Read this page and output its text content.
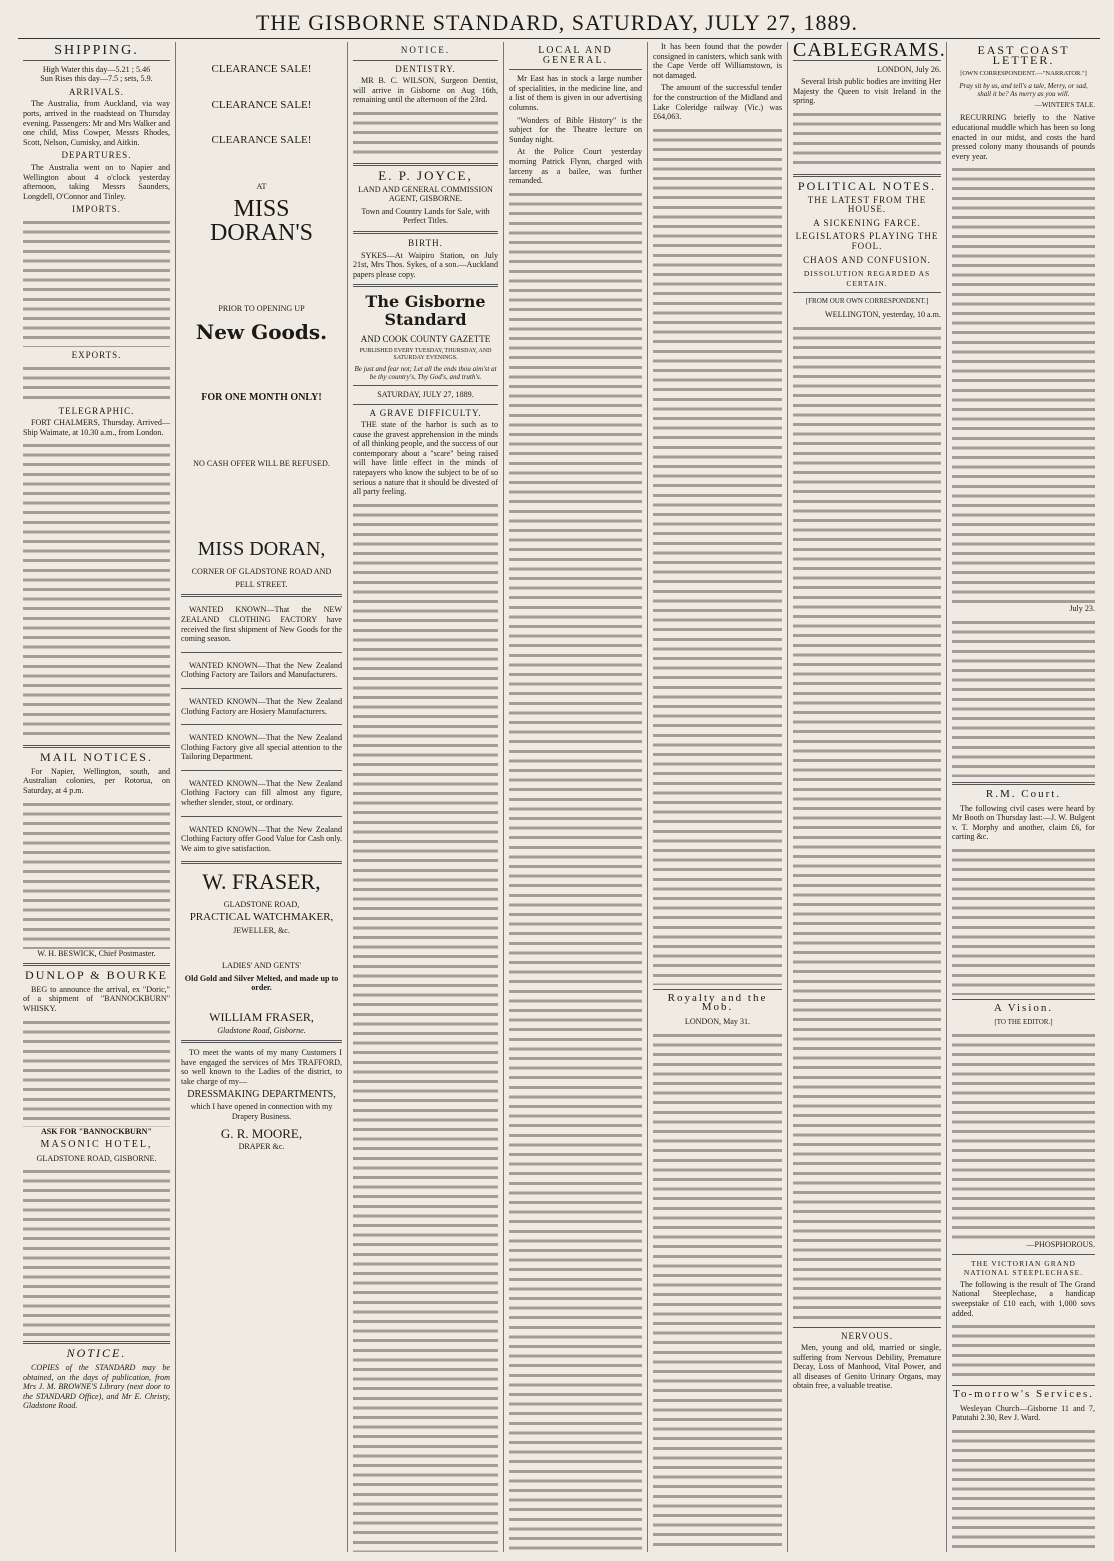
THE GISBORNE STANDARD, SATURDAY, JULY 27, 1889.
SHIPPING.

High Water this day—5.21 ; 5.46
Sun Rises this day—7.5 ; sets, 5.9.

ARRIVALS.

The Australia, from Auckland, via way ports, arrived in the roadstead on Thursday evening. Passengers: Mr and Mrs Walker and one child, Miss Cowper, Messrs Rhodes, Scott, Nelson, Cumisky, and Aitkin.

DEPARTURES.

The Australia went on to Napier and Wellington about 4 o'clock yesterday afternoon, taking Messrs Saunders, Longdell, O'Connor and Tinley.

IMPORTS.
EXPORTS.
TELEGRAPHIC.

FORT CHALMERS, Thursday. Arrived—Ship Waimate, at 10.30 a.m., from London.

MAIL NOTICES.

For Napier, Wellington, south, and Australian colonies, per Rotorua, on Saturday, at 4 p.m.

W. H. BESWICK, Chief Postmaster.

DUNLOP & BOURKE

BEG to announce the arrival, ex "Doric," of a shipment of "BANNOCKBURN" WHISKY.

ASK FOR "BANNOCKBURN"

MASONIC HOTEL,

GLADSTONE ROAD, GISBORNE.

NOTICE.

COPIES of the STANDARD may be obtained, on the days of publication, from Mrs J. M. BROWNE'S Library (next door to the STANDARD Office), and Mr E. Christy, Gladstone Road.

CLEARANCE SALE!
CLEARANCE SALE!
CLEARANCE SALE!
AT
MISS DORAN'S
PRIOR TO OPENING UP
New Goods.
FOR ONE MONTH ONLY!
NO CASH OFFER WILL BE REFUSED.
MISS DORAN,
CORNER OF GLADSTONE ROAD AND
PELL STREET.

WANTED KNOWN—That the NEW ZEALAND CLOTHING FACTORY have received the first shipment of New Goods for the coming season.

WANTED KNOWN—That the New Zealand Clothing Factory are Tailors and Manufacturers.

WANTED KNOWN—That the New Zealand Clothing Factory are Hosiery Manufacturers.

WANTED KNOWN—That the New Zealand Clothing Factory give all special attention to the Tailoring Department.

WANTED KNOWN—That the New Zealand Clothing Factory can fill almost any figure, whether slender, stout, or ordinary.

WANTED KNOWN—That the New Zealand Clothing Factory offer Good Value for Cash only. We aim to give satisfaction.

W. FRASER,
GLADSTONE ROAD,
PRACTICAL WATCHMAKER,
JEWELLER, &c.
LADIES' AND GENTS'
Old Gold and Silver Melted, and made up to order.
WILLIAM FRASER,
Gladstone Road, Gisborne.

TO meet the wants of my many Customers I have engaged the services of Mrs TRAFFORD, so well known to the Ladies of the district, to take charge of my—

DRESSMAKING DEPARTMENTS,
which I have opened in connection with my Drapery Business.
G. R. MOORE,
DRAPER &c.
NOTICE.
DENTISTRY.

MR B. C. WILSON, Surgeon Dentist, will arrive in Gisborne on Aug 16th, remaining until the afternoon of the 23rd.

E. P. JOYCE,

LAND AND GENERAL COMMISSION AGENT, GISBORNE.

Town and Country Lands for Sale, with Perfect Titles.

BIRTH.

SYKES—At Waipiro Station, on July 21st, Mrs Thos. Sykes, of a son.—Auckland papers please copy.

The Gisborne Standard

AND COOK COUNTY GAZETTE

PUBLISHED EVERY TUESDAY, THURSDAY, AND SATURDAY EVENINGS.

Be just and fear not; Let all the ends thou aim'st at be thy country's, Thy God's, and truth's.

SATURDAY, JULY 27, 1889.

A GRAVE DIFFICULTY.

THE state of the harbor is such as to cause the gravest apprehension in the minds of all thinking people, and the success of our contemporary about a "scare" being raised will have little effect in the minds of ratepayers who know the subject to be of so serious a nature that it should be divested of all party feeling.

LOCAL AND GENERAL.

Mr East has in stock a large number of specialities, in the medicine line, and a list of them is given in our advertising columns.

"Wonders of Bible History" is the subject for the Theatre lecture on Sunday night.

At the Police Court yesterday morning Patrick Flynn, charged with larceny as a bailee, was further remanded.

It has been found that the powder consigned in canisters, which sank with the Cape Verde off Williamstown, is not damaged.

The amount of the successful tender for the construction of the Midland and Lake Coleridge railway (Vic.) was £64,063.

Royalty and the Mob.

LONDON, May 31.

CABLEGRAMS.

LONDON, July 26.

Several Irish public bodies are inviting Her Majesty the Queen to visit Ireland in the spring.

POLITICAL NOTES.
THE LATEST FROM THE HOUSE.
A SICKENING FARCE.
LEGISLATORS PLAYING THE FOOL.
CHAOS AND CONFUSION.
DISSOLUTION REGARDED AS CERTAIN.

[FROM OUR OWN CORRESPONDENT.]

WELLINGTON, yesterday, 10 a.m.

NERVOUS.

Men, young and old, married or single, suffering from Nervous Debility, Premature Decay, Loss of Manhood, Vital Power, and all diseases of Genito Urinary Organs, may obtain free, a valuable treatise.

EAST COAST LETTER.

[OWN CORRESPONDENT.—"NARRATOR."]

Pray sit by us, and tell's a tale, Merry, or sad, shall it be? As merry as you will.

—WINTER'S TALE.

RECURRING briefly to the Native educational muddle which has been so long enacted in our midst, and costs the hard pressed colony many thousands of pounds every year.

July 23.

R.M. Court.

The following civil cases were heard by Mr Booth on Thursday last:—J. W. Bulgent v. T. Morphy and another, claim £6, for carting &c.

A Vision.

[TO THE EDITOR.]

—PHOSPHOROUS.

THE VICTORIAN GRAND NATIONAL STEEPLECHASE.

The following is the result of The Grand National Steeplechase, a handicap sweepstake of £10 each, with 1,000 sovs added.

To-morrow's Services.

Wesleyan Church—Gisborne 11 and 7, Patutahi 2.30, Rev J. Ward.
